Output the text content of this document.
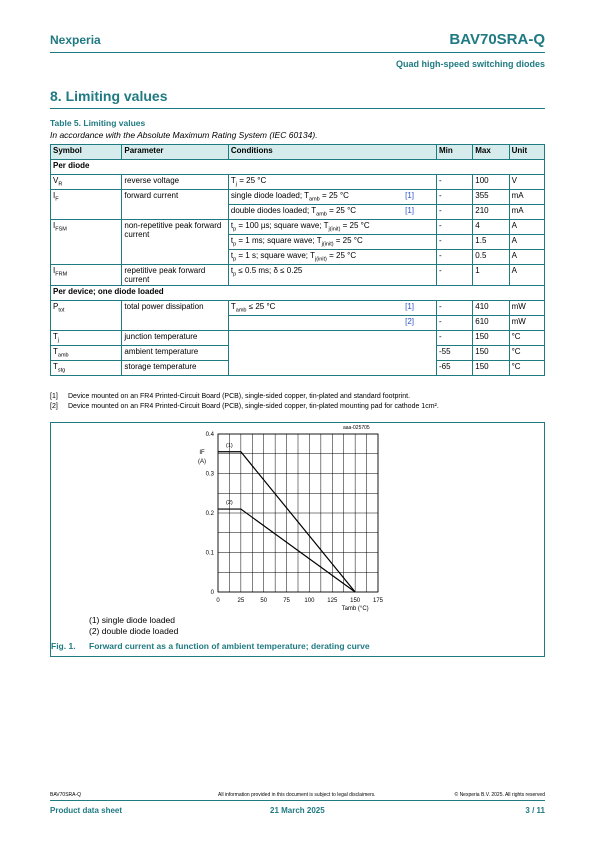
Nexperia	BAV70SRA-Q
Quad high-speed switching diodes
8. Limiting values
Table 5. Limiting values
In accordance with the Absolute Maximum Rating System (IEC 60134).
Symbol	Parameter	Conditions	Min	Max	Unit
Per diode					
$V_R$	reverse voltage	$T_j = 25$ °C	-	100	V
$I_F$	forward current	single diode loaded; $T_{amb} = 25$ °C [1]	-	355	mA
		double diodes loaded; $T_{amb} = 25$ °C [1]	-	210	mA
$I_{FSM}$	non-repetitive peak forward current	$t_p = 100$ µs; square wave; $T_{j(init)} = 25$ °C	-	4	A
		$t_p = 1$ ms; square wave; $T_{j(init)} = 25$ °C	-	1.5	A
		$t_p = 1$ s; square wave; $T_{j(init)} = 25$ °C	-	0.5	A
$I_{FRM}$	repetitive peak forward current	$t_p \le 0.5$ ms; δ ≤ 0.25	-	1	A
Per device; one diode loaded					
$P_{tot}$	total power dissipation	$T_{amb} \le 25$ °C [1]	-	410	mW

		[2]	-	610	mW
$T_j$	junction temperature		-	150	°C
$T_{amb}$	ambient temperature		-55	150	°C
$T_{stg}$	storage temperature		-65	150	°C
[1] Device mounted on an FR4 Printed-Circuit Board (PCB), single-sided copper, tin-plated and standard footprint.
[2] Device mounted on an FR4 Printed-Circuit Board (PCB), single-sided copper, tin-plated mounting pad for cathode 1cm².
aaa-025705
0	25	50	75 100 125 150 175
0
0.1
0.2
0.3
0.4
IF
(A)
Tamb (°C)
(1)
(2)
(1) single diode loaded
(2) double diode loaded
Fig. 1. Forward current as a function of ambient temperature; derating curve
BAV70SRA-Q	All information provided in this document is subject to legal disclaimers.	© Nexperia B.V. 2025. All rights reserved
Product data sheet	21 March 2025	3 / 11
